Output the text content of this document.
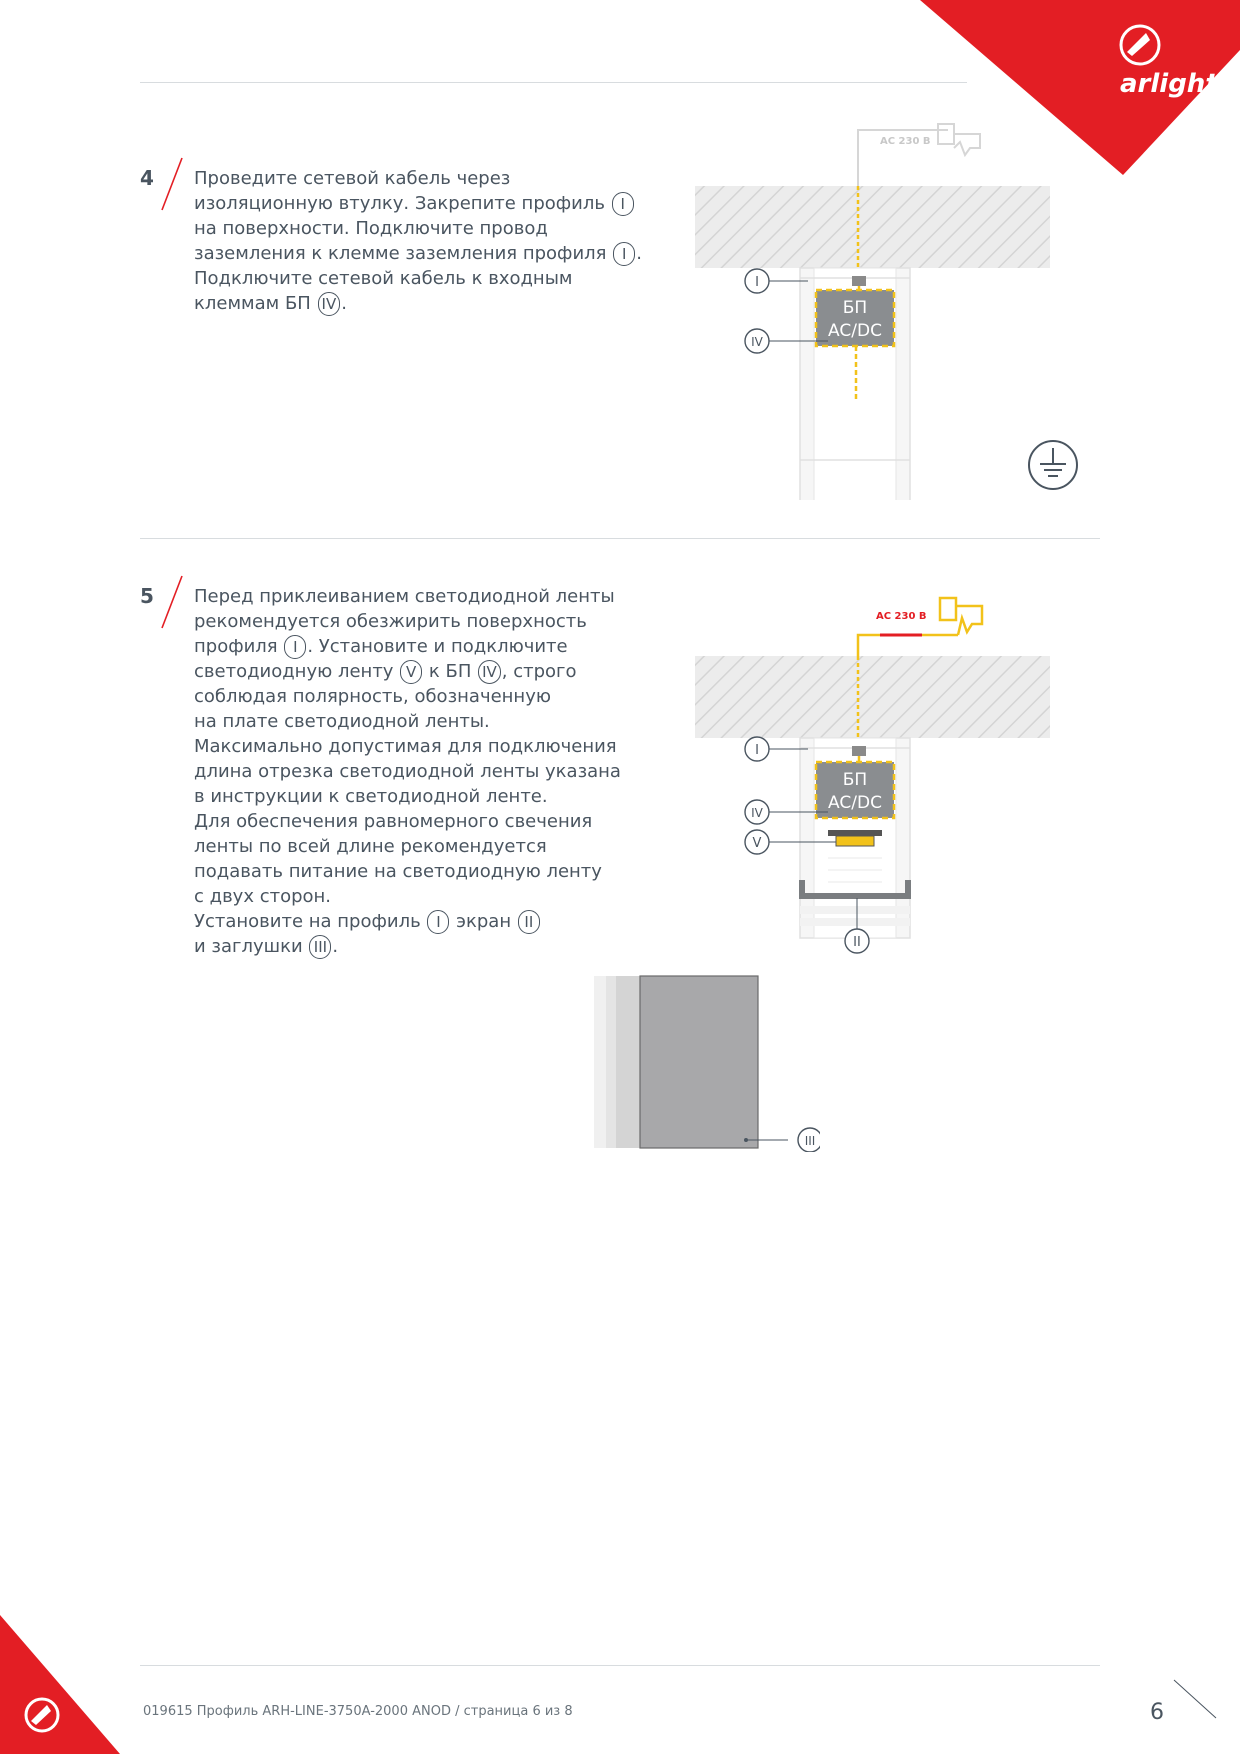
arlight
4 Проведите сетевой кабель через
изоляционную втулку. Закрепите профиль I
на поверхности. Подключите провод
заземления к клемме заземления профиля I .
Подключите сетевой кабель к входным
клеммам БП IV .
AC 230 B
БП
AC/DC
I
IV
5 Перед приклеиванием светодиодной ленты
рекомендуется обезжирить поверхность
профиля I . Установите и подключите
светодиодную ленту V к БП IV , строго
соблюдая полярность, обозначенную
на плате светодиодной ленты.
Максимально допустимая для подключения
длина отрезка светодиодной ленты указана
в инструкции к светодиодной ленте.
Для обеспечения равномерного свечения
ленты по всей длине рекомендуется
подавать питание на светодиодную ленту
с двух сторон.
Установите на профиль I экран II
и заглушки III .
AC 230 B
БП
AC/DC
I
IV
V
II
III
019615 Профиль ARH-LINE-3750A-2000 ANOD / страница 6 из 8	6
